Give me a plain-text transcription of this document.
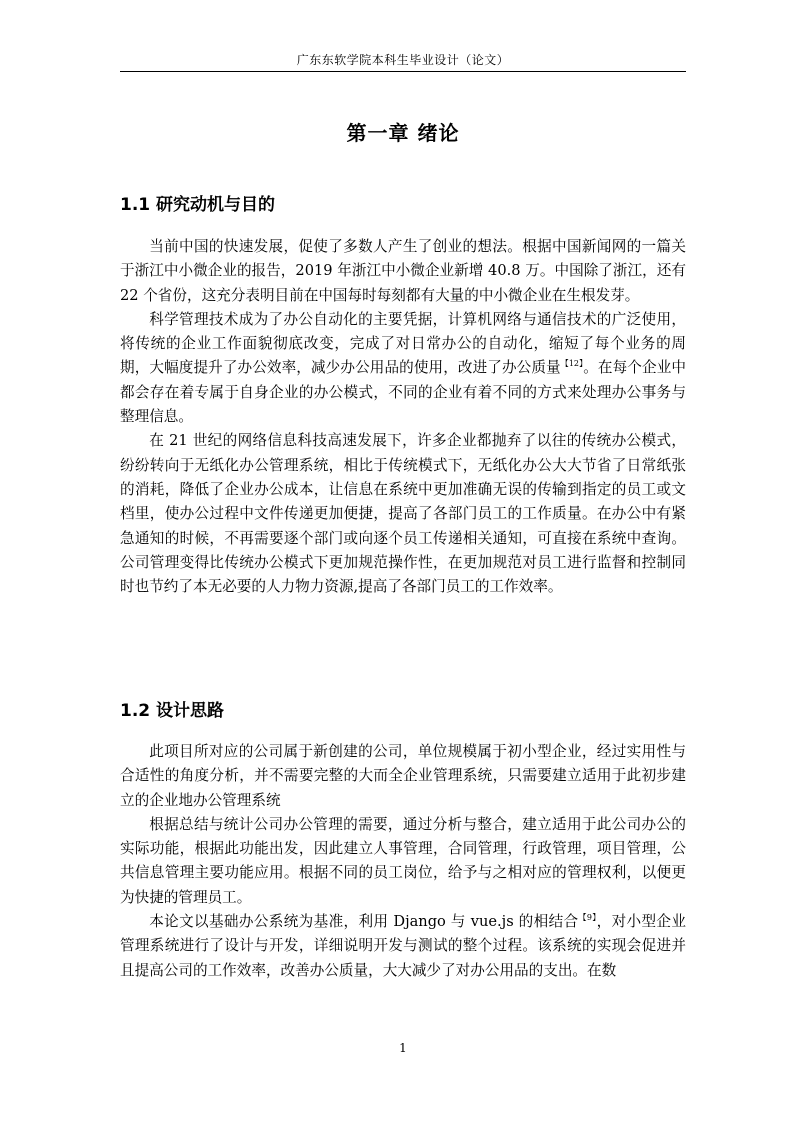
广东东软学院本科生毕业设计（论文）
第一章 绪论
1.1 研究动机与目的

当前中国的快速发展，促使了多数人产生了创业的想法。根据中国新闻网的一篇关于浙江中小微企业的报告，2019 年浙江中小微企业新增 40.8 万。中国除了浙江，还有 22 个省份，这充分表明目前在中国每时每刻都有大量的中小微企业在生根发芽。

科学管理技术成为了办公自动化的主要凭据，计算机网络与通信技术的广泛使用，将传统的企业工作面貌彻底改变，完成了对日常办公的自动化，缩短了每个业务的周期，大幅度提升了办公效率，减少办公用品的使用，改进了办公质量$^{【12】}$。在每个企业中都会存在着专属于自身企业的办公模式，不同的企业有着不同的方式来处理办公事务与整理信息。

在 21 世纪的网络信息科技高速发展下，许多企业都抛弃了以往的传统办公模式，纷纷转向于无纸化办公管理系统，相比于传统模式下，无纸化办公大大节省了日常纸张的消耗，降低了企业办公成本，让信息在系统中更加准确无误的传输到指定的员工或文档里，使办公过程中文件传递更加便捷，提高了各部门员工的工作质量。在办公中有紧急通知的时候，不再需要逐个部门或向逐个员工传递相关通知，可直接在系统中查询。公司管理变得比传统办公模式下更加规范操作性，在更加规范对员工进行监督和控制同时也节约了本无必要的人力物力资源,提高了各部门员工的工作效率。

1.2 设计思路

此项目所对应的公司属于新创建的公司，单位规模属于初小型企业，经过实用性与合适性的角度分析，并不需要完整的大而全企业管理系统，只需要建立适用于此初步建立的企业地办公管理系统

根据总结与统计公司办公管理的需要，通过分析与整合，建立适用于此公司办公的实际功能，根据此功能出发，因此建立人事管理，合同管理，行政管理，项目管理，公共信息管理主要功能应用。根据不同的员工岗位，给予与之相对应的管理权利，以便更为快捷的管理员工。

本论文以基础办公系统为基准，利用 Django 与 vue.js 的相结合$^{【9】}$，对小型企业管理系统进行了设计与开发，详细说明开发与测试的整个过程。该系统的实现会促进并且提高公司的工作效率，改善办公质量，大大减少了对办公用品的支出。在数

1
